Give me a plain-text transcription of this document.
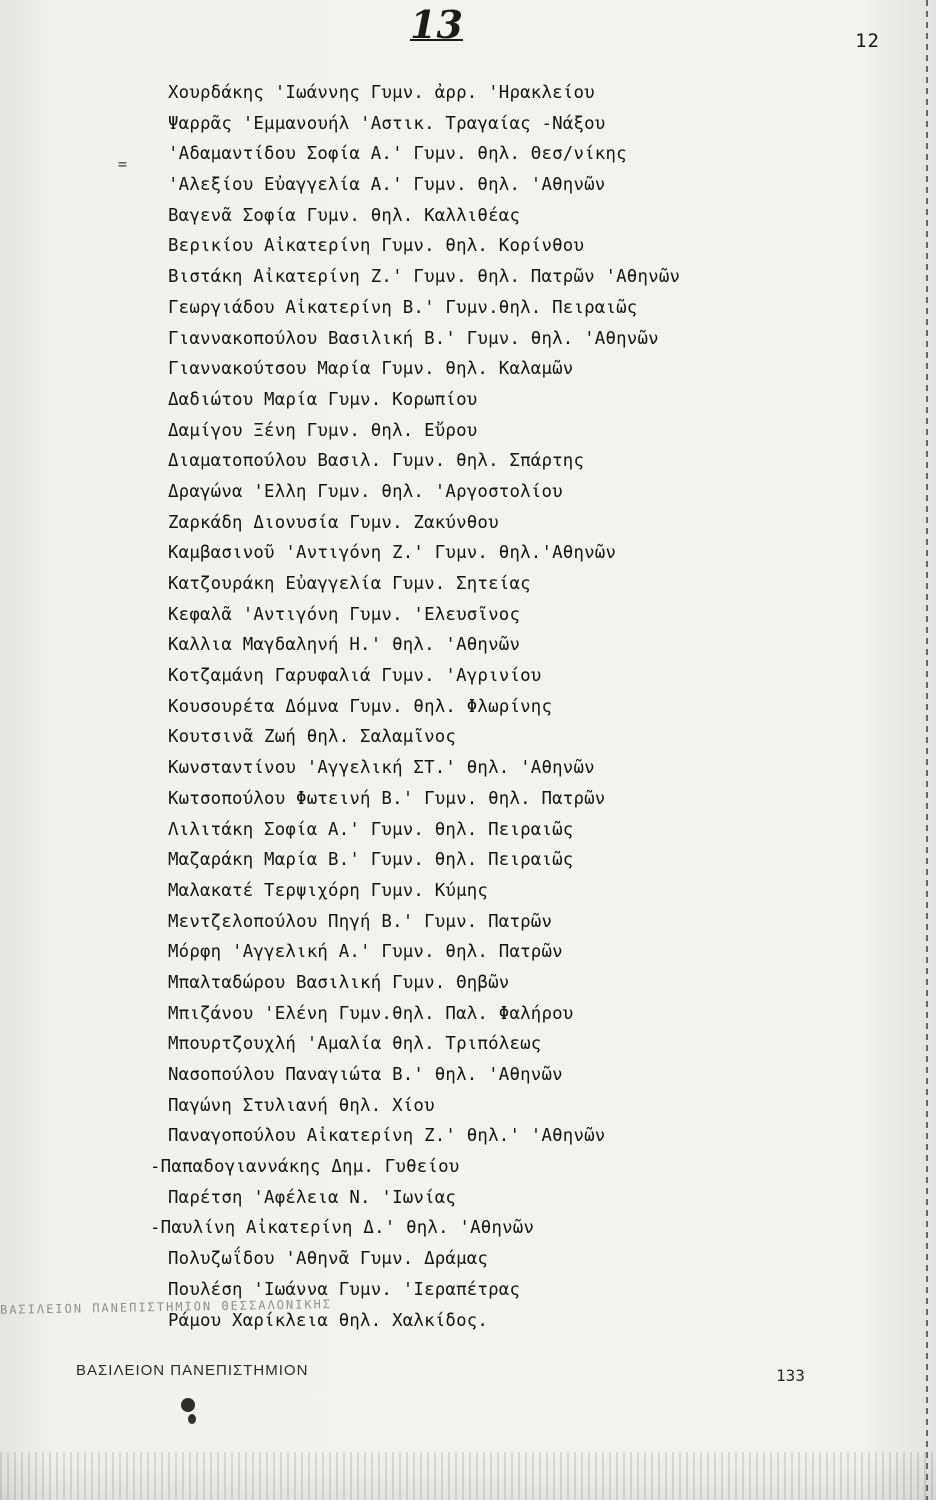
13	12

=
Χουρδάκης 'Ιωάννης Γυμν. ἀρρ. 'Ηρακλείου
Ψαρρᾶς 'Εμμανουήλ 'Αστικ. Τραγαίας -Νάξου
'Αδαμαντίδου Σοφία Α.' Γυμν. θηλ. Θεσ/νίκης
'Αλεξίου Εὐαγγελία Α.' Γυμν. θηλ. 'Αθηνῶν
Βαγενᾶ Σοφία Γυμν. θηλ. Καλλιθέας
Βερικίου Αἰκατερίνη Γυμν. θηλ. Κορίνθου
Βιστάκη Αἰκατερίνη Ζ.' Γυμν. θηλ. Πατρῶν 'Αθηνῶν
Γεωργιάδου Αἰκατερίνη Β.' Γυμν.θηλ. Πειραιῶς
Γιαννακοπούλου Βασιλική Β.' Γυμν. θηλ. 'Αθηνῶν
Γιαννακούτσου Μαρία Γυμν. θηλ. Καλαμῶν
Δαδιώτου Μαρία Γυμν. Κορωπίου
Δαμίγου Ξένη Γυμν. θηλ. Εὔρου
Διαματοπούλου Βασιλ. Γυμν. θηλ. Σπάρτης
Δραγώνα 'Ελλη Γυμν. θηλ. 'Αργοστολίου
Ζαρκάδη Διονυσία Γυμν. Ζακύνθου
Καμβασινοῦ 'Αντιγόνη Ζ.' Γυμν. θηλ.'Αθηνῶν
Κατζουράκη Εὐαγγελία Γυμν. Σητείας
Κεφαλᾶ 'Αντιγόνη Γυμν. 'Ελευσῖνος
Καλλια Μαγδαληνή Η.' θηλ. 'Αθηνῶν
Κοτζαμάνη Γαρυφαλιά Γυμν. 'Αγρινίου
Κουσουρέτα Δόμνα Γυμν. θηλ. Φλωρίνης
Κουτσινᾶ Ζωή θηλ. Σαλαμῖνος
Κωνσταντίνου 'Αγγελική ΣΤ.' θηλ. 'Αθηνῶν
Κωτσοπούλου Φωτεινή Β.' Γυμν. θηλ. Πατρῶν
Λιλιτάκη Σοφία Α.' Γυμν. θηλ. Πειραιῶς
Μαζαράκη Μαρία Β.' Γυμν. θηλ. Πειραιῶς
Μαλακατέ Τερψιχόρη Γυμν. Κύμης
Μεντζελοπούλου Πηγή Β.' Γυμν. Πατρῶν
Μόρφη 'Αγγελική Α.' Γυμν. θηλ. Πατρῶν
Μπαλταδώρου Βασιλική Γυμν. Θηβῶν
Μπιζάνου 'Ελένη Γυμν.θηλ. Παλ. Φαλήρου
Μπουρτζουχλή 'Αμαλία θηλ. Τριπόλεως
Νασοπούλου Παναγιώτα Β.' θηλ. 'Αθηνῶν
Παγώνη Στυλιανή θηλ. Χίου
Παναγοπούλου Αἰκατερίνη Ζ.' θηλ.' 'Αθηνῶν
-Παπαδογιαννάκης Δημ. Γυθείου
Παρέτση 'Αφέλεια Ν. 'Ιωνίας
-Παυλίνη Αἰκατερίνη Δ.' θηλ. 'Αθηνῶν
Πολυζωΐδου 'Αθηνᾶ Γυμν. Δράμας
Πουλέση 'Ιωάννα Γυμν. 'Ιεραπέτρας
Ράμου Χαρίκλεια θηλ. Χαλκίδος.

ΒΑΣΙΛΕΙΟΝ ΠΑΝΕΠΙΣΤΗΜΙΟΝ ΘΕΣΣΑΛΟΝΙΚΗΣ

ΒΑΣΙΛΕΙΟΝ ΠΑΝΕΠΙΣΤΗΜΙΟΝ	133
